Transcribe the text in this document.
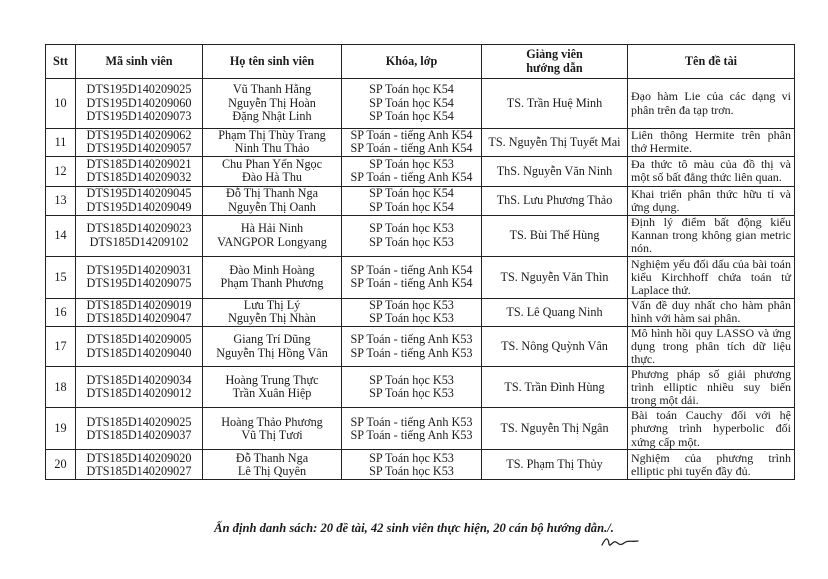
Stt	Mã sinh viên	Họ tên sinh viên	Khóa, lớp	Giảng viên
hướng dẫn	Tên đề tài
10	DTS195D140209025
DTS195D140209060
DTS195D140209073	Vũ Thanh Hằng
Nguyễn Thị Hoàn
Đặng Nhật Linh	SP Toán học K54
SP Toán học K54
SP Toán học K54	TS. Trần Huệ Minh	Đạo hàm Lie của các dạng vi phân trên đa tạp trơn.
11	DTS195D140209062
DTS195D140209057	Phạm Thị Thùy Trang
Ninh Thu Thảo	SP Toán - tiếng Anh K54
SP Toán - tiếng Anh K54	TS. Nguyễn Thị Tuyết Mai	Liên thông Hermite trên phân thớ Hermite.
12	DTS185D140209021
DTS185D140209032	Chu Phan Yến Ngọc
Đào Hà Thu	SP Toán học K53
SP Toán - tiếng Anh K54	ThS. Nguyễn Văn Ninh	Đa thức tô màu của đồ thị và một số bất đẳng thức liên quan.
13	DTS195D140209045
DTS195D140209049	Đỗ Thị Thanh Nga
Nguyễn Thị Oanh	SP Toán học K54
SP Toán học K54	ThS. Lưu Phương Thảo	Khai triển phân thức hữu tỉ và ứng dụng.
14	DTS185D140209023
DTS185D14209102	Hà Hải Ninh
VANGPOR Longyang	SP Toán học K53
SP Toán học K53	TS. Bùi Thế Hùng	Định lý điểm bất động kiểu Kannan trong không gian metric nón.
15	DTS195D140209031
DTS195D140209075	Đào Minh Hoàng
Phạm Thanh Phương	SP Toán - tiếng Anh K54
SP Toán - tiếng Anh K54	TS. Nguyễn Văn Thìn	Nghiệm yếu đối dấu của bài toán kiểu Kirchhoff chứa toán tử Laplace thứ.
16	DTS185D140209019
DTS185D140209047	Lưu Thị Lý
Nguyễn Thị Nhàn	SP Toán học K53
SP Toán học K53	TS. Lê Quang Ninh	Vấn đề duy nhất cho hàm phân hình với hàm sai phân.
17	DTS185D140209005
DTS185D140209040	Giang Trí Dũng
Nguyễn Thị Hồng Vân	SP Toán - tiếng Anh K53
SP Toán - tiếng Anh K53	TS. Nông Quỳnh Vân	Mô hình hồi quy LASSO và ứng dụng trong phân tích dữ liệu thực.
18	DTS185D140209034
DTS185D140209012	Hoàng Trung Thực
Trần Xuân Hiệp	SP Toán học K53
SP Toán học K53	TS. Trần Đình Hùng	Phương pháp số giải phương trình elliptic nhiều suy biến trong một dải.
19	DTS185D140209025
DTS185D140209037	Hoàng Thảo Phương
Vũ Thị Tươi	SP Toán - tiếng Anh K53
SP Toán - tiếng Anh K53	TS. Nguyễn Thị Ngân	Bài toán Cauchy đối với hệ phương trình hyperbolic đối xứng cấp một.
20	DTS185D140209020
DTS185D140209027	Đỗ Thanh Nga
Lê Thị Quyên	SP Toán học K53
SP Toán học K53	TS. Phạm Thị Thủy	Nghiệm của phương trình elliptic phi tuyến đầy đủ.
Ấn định danh sách: 20 đề tài, 42 sinh viên thực hiện, 20 cán bộ hướng dẫn./.
